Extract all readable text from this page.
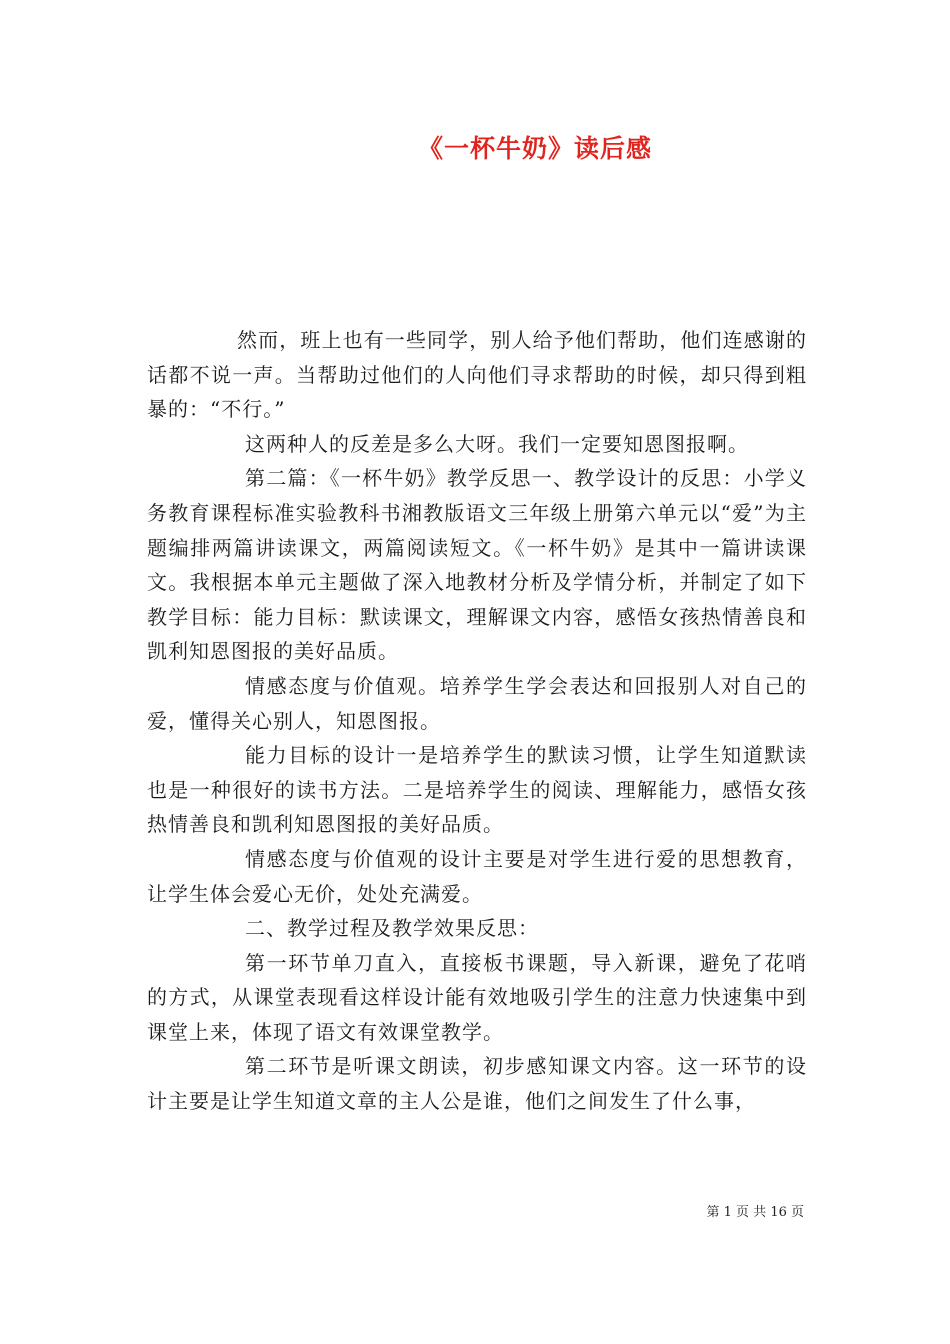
《一杯牛奶》读后感

然而，班上也有一些同学，别人给予他们帮助，他们连感谢的话都不说一声。当帮助过他们的人向他们寻求帮助的时候，却只得到粗暴的：“不行。”

这两种人的反差是多么大呀。我们一定要知恩图报啊。

第二篇：《一杯牛奶》教学反思一、教学设计的反思：小学义务教育课程标准实验教科书湘教版语文三年级上册第六单元以“爱”为主题编排两篇讲读课文，两篇阅读短文。《一杯牛奶》是其中一篇讲读课文。我根据本单元主题做了深入地教材分析及学情分析，并制定了如下教学目标：能力目标：默读课文，理解课文内容，感悟女孩热情善良和凯利知恩图报的美好品质。

情感态度与价值观。培养学生学会表达和回报别人对自己的爱，懂得关心别人，知恩图报。

能力目标的设计一是培养学生的默读习惯，让学生知道默读也是一种很好的读书方法。二是培养学生的阅读、理解能力，感悟女孩热情善良和凯利知恩图报的美好品质。

情感态度与价值观的设计主要是对学生进行爱的思想教育，让学生体会爱心无价，处处充满爱。

二、教学过程及教学效果反思：

第一环节单刀直入，直接板书课题，导入新课，避免了花哨的方式，从课堂表现看这样设计能有效地吸引学生的注意力快速集中到课堂上来，体现了语文有效课堂教学。

第二环节是听课文朗读，初步感知课文内容。这一环节的设计主要是让学生知道文章的主人公是谁，他们之间发生了什么事，

第 1 页 共 16 页
